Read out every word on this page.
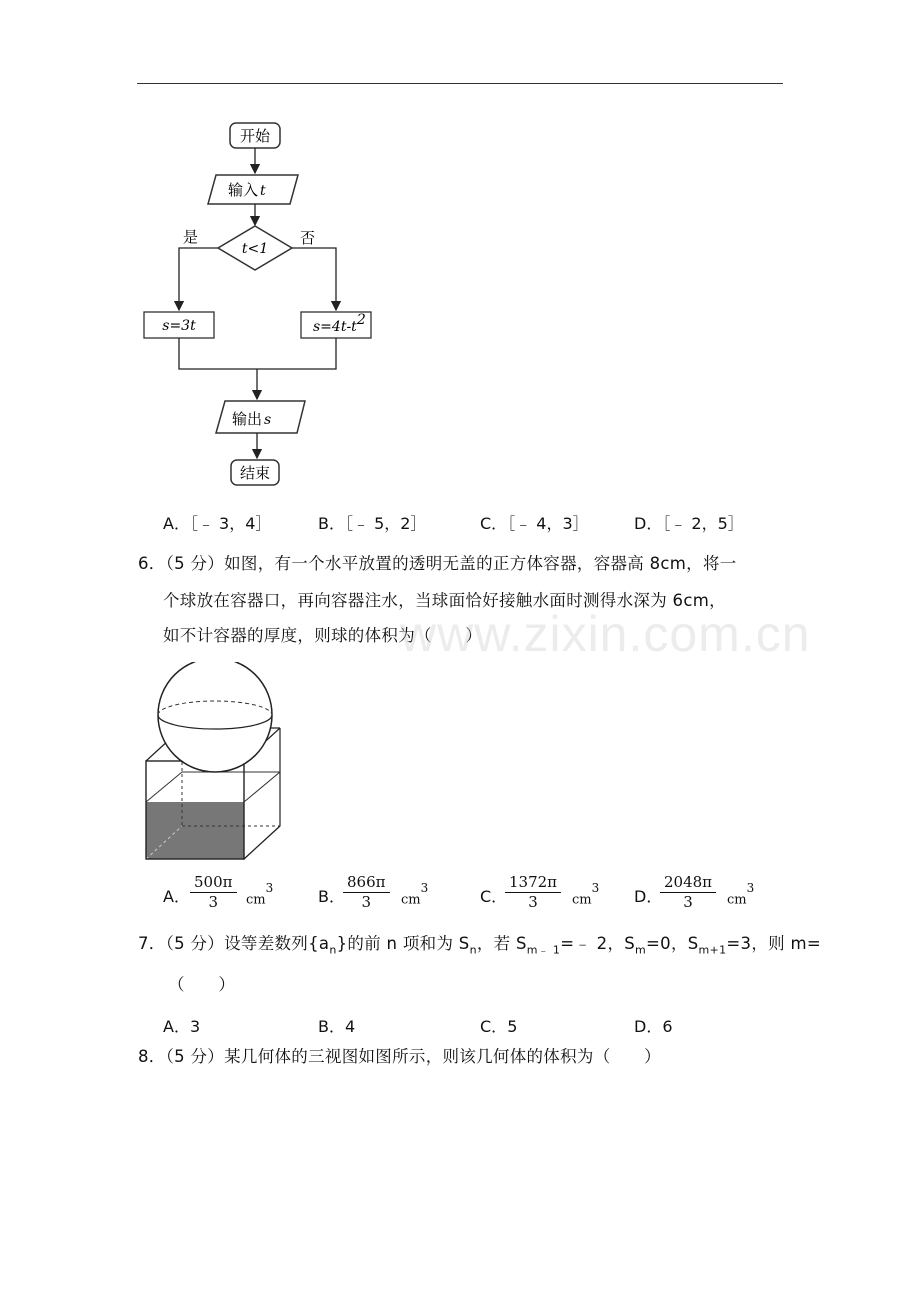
开始
输入 t
t<1
是	否
s=3t	s=4t-t2
输出 s
结束
A．［﹣ 3，4］	B．［﹣ 5，2］	C．［﹣ 4，3］	D．［﹣ 2，5］
6．（5 分）如图，有一个水平放置的透明无盖的正方体容器，容器高 8cm，将一
个球放在容器口，再向容器注水，当球面恰好接触水面时测得水深为 6cm，
如不计容器的厚度，则球的体积为（　　）
www.zixin.com.cn
A． $\frac{500\pi}{3} cm^3$	B．
$\frac{866\pi}{3} cm^3$	C．
$\frac{1372\pi}{3} cm^3$ D．
$\frac{2048\pi}{3} cm^3$
7．（5 分）设等差数列$\{a_n\}$的前 n 项和为 $S_n$，若 $S_{m﹣ 1}=﹣$ 2，$S_m=0$，$S_{m+1}=3$，则 m=
（　　）
A．3	B．4	C．5	D．6
8．（5 分）某几何体的三视图如图所示，则该几何体的体积为（　　）
